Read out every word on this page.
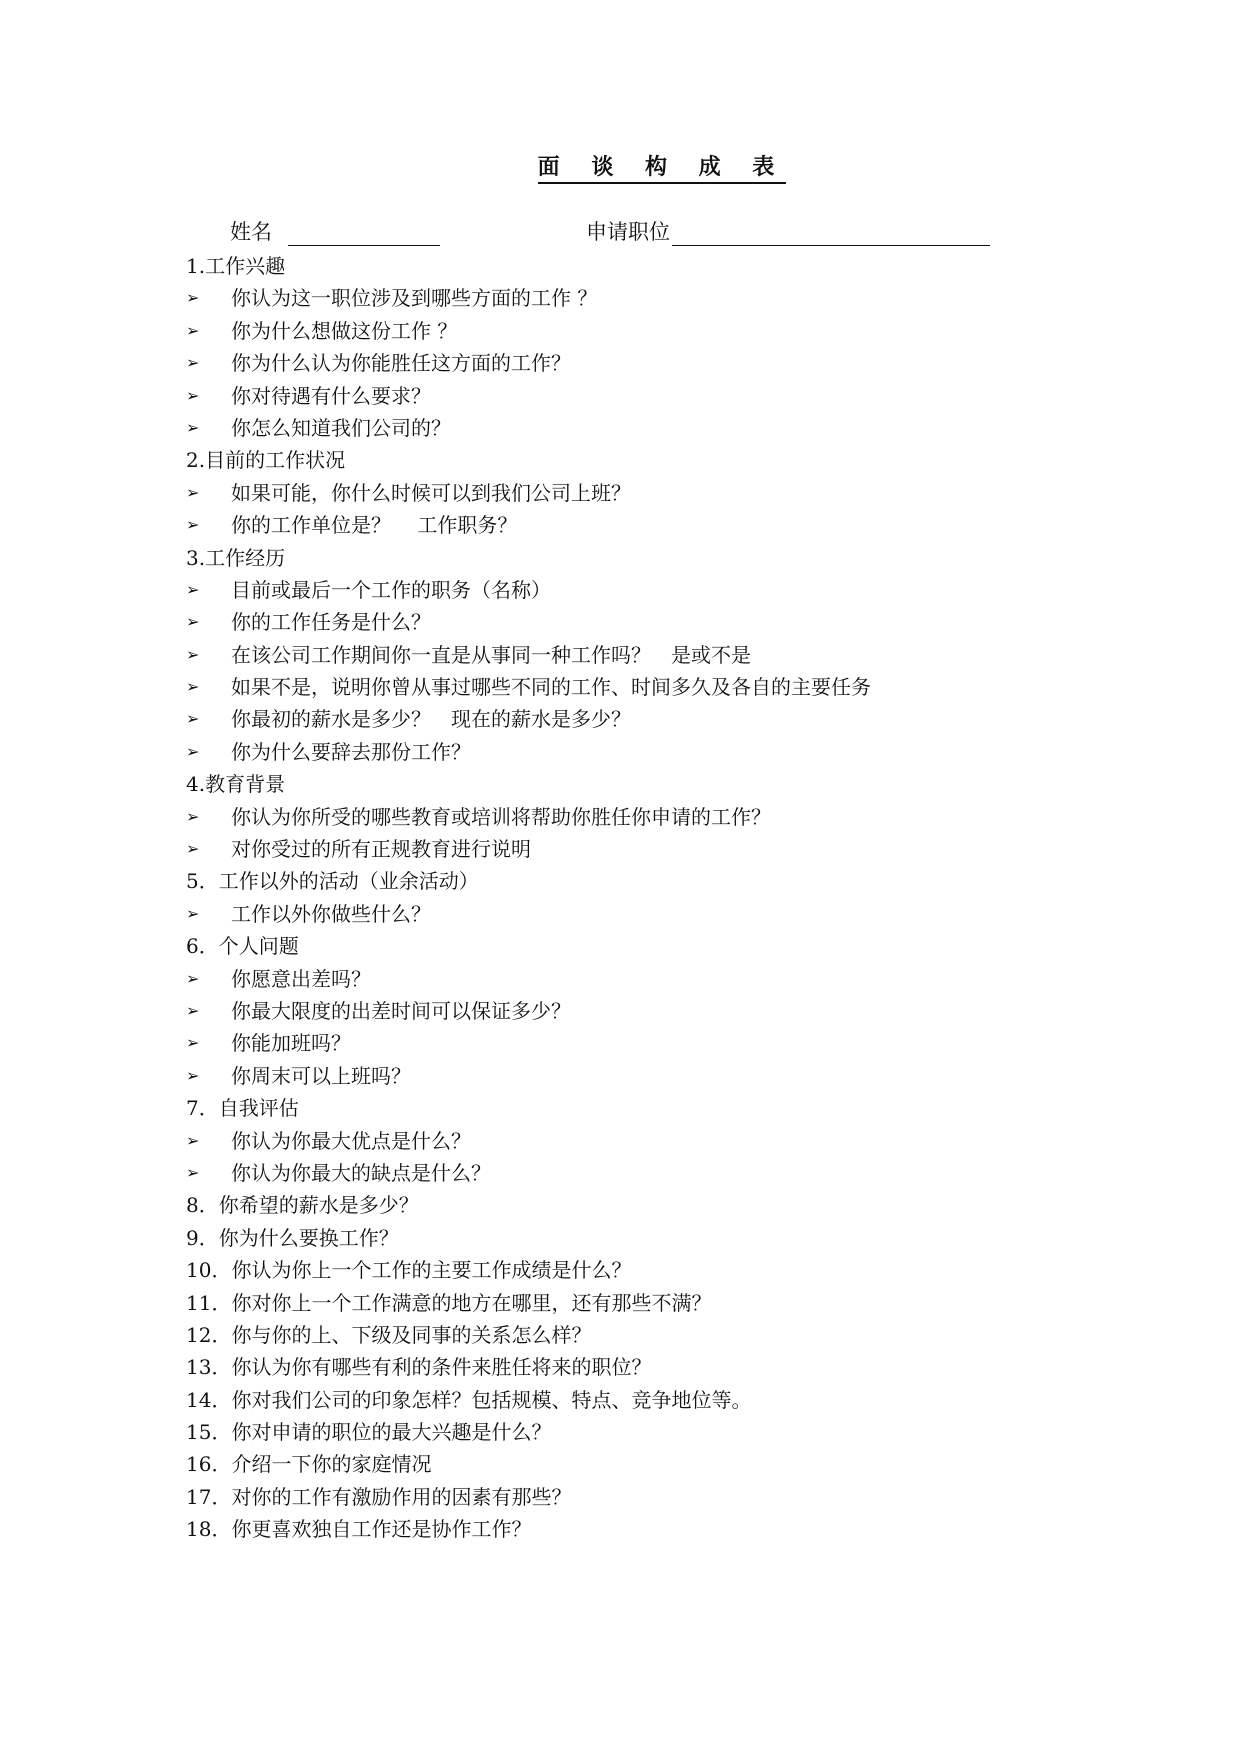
面 谈 构 成 表
姓名	申请职位
1.工作兴趣
➢	你认为这一职位涉及到哪些方面的工作 ？
➢	你为什么想做这份工作 ？
➢	你为什么认为你能胜任这方面的工作？
➢	你对待遇有什么要求？
➢	你怎么知道我们公司的？
2.目前的工作状况
➢	如果可能，你什么时候可以到我们公司上班？
➢	你的工作单位是？　 工作职务？
3.工作经历
➢	目前或最后一个工作的职务（名称）
➢	你的工作任务是什么？
➢	在该公司工作期间你一直是从事同一种工作吗？　是或不是
➢	如果不是，说明你曾从事过哪些不同的工作、时间多久及各自的主要任务
➢	你最初的薪水是多少？　现在的薪水是多少？
➢	你为什么要辞去那份工作？
4.教育背景
➢	你认为你所受的哪些教育或培训将帮助你胜任你申请的工作？
➢	对你受过的所有正规教育进行说明
5．工作以外的活动（业余活动）
➢	工作以外你做些什么？
6．个人问题
➢	你愿意出差吗？
➢	你最大限度的出差时间可以保证多少？
➢	你能加班吗？
➢	你周末可以上班吗？
7．自我评估
➢	你认为你最大优点是什么？
➢	你认为你最大的缺点是什么？
8．你希望的薪水是多少？
9．你为什么要换工作？
10．你认为你上一个工作的主要工作成绩是什么？
11．你对你上一个工作满意的地方在哪里，还有那些不满？
12．你与你的上、下级及同事的关系怎么样？
13．你认为你有哪些有利的条件来胜任将来的职位？
14．你对我们公司的印象怎样？包括规模、特点、竞争地位等。
15．你对申请的职位的最大兴趣是什么？
16．介绍一下你的家庭情况
17．对你的工作有激励作用的因素有那些？
18．你更喜欢独自工作还是协作工作？
